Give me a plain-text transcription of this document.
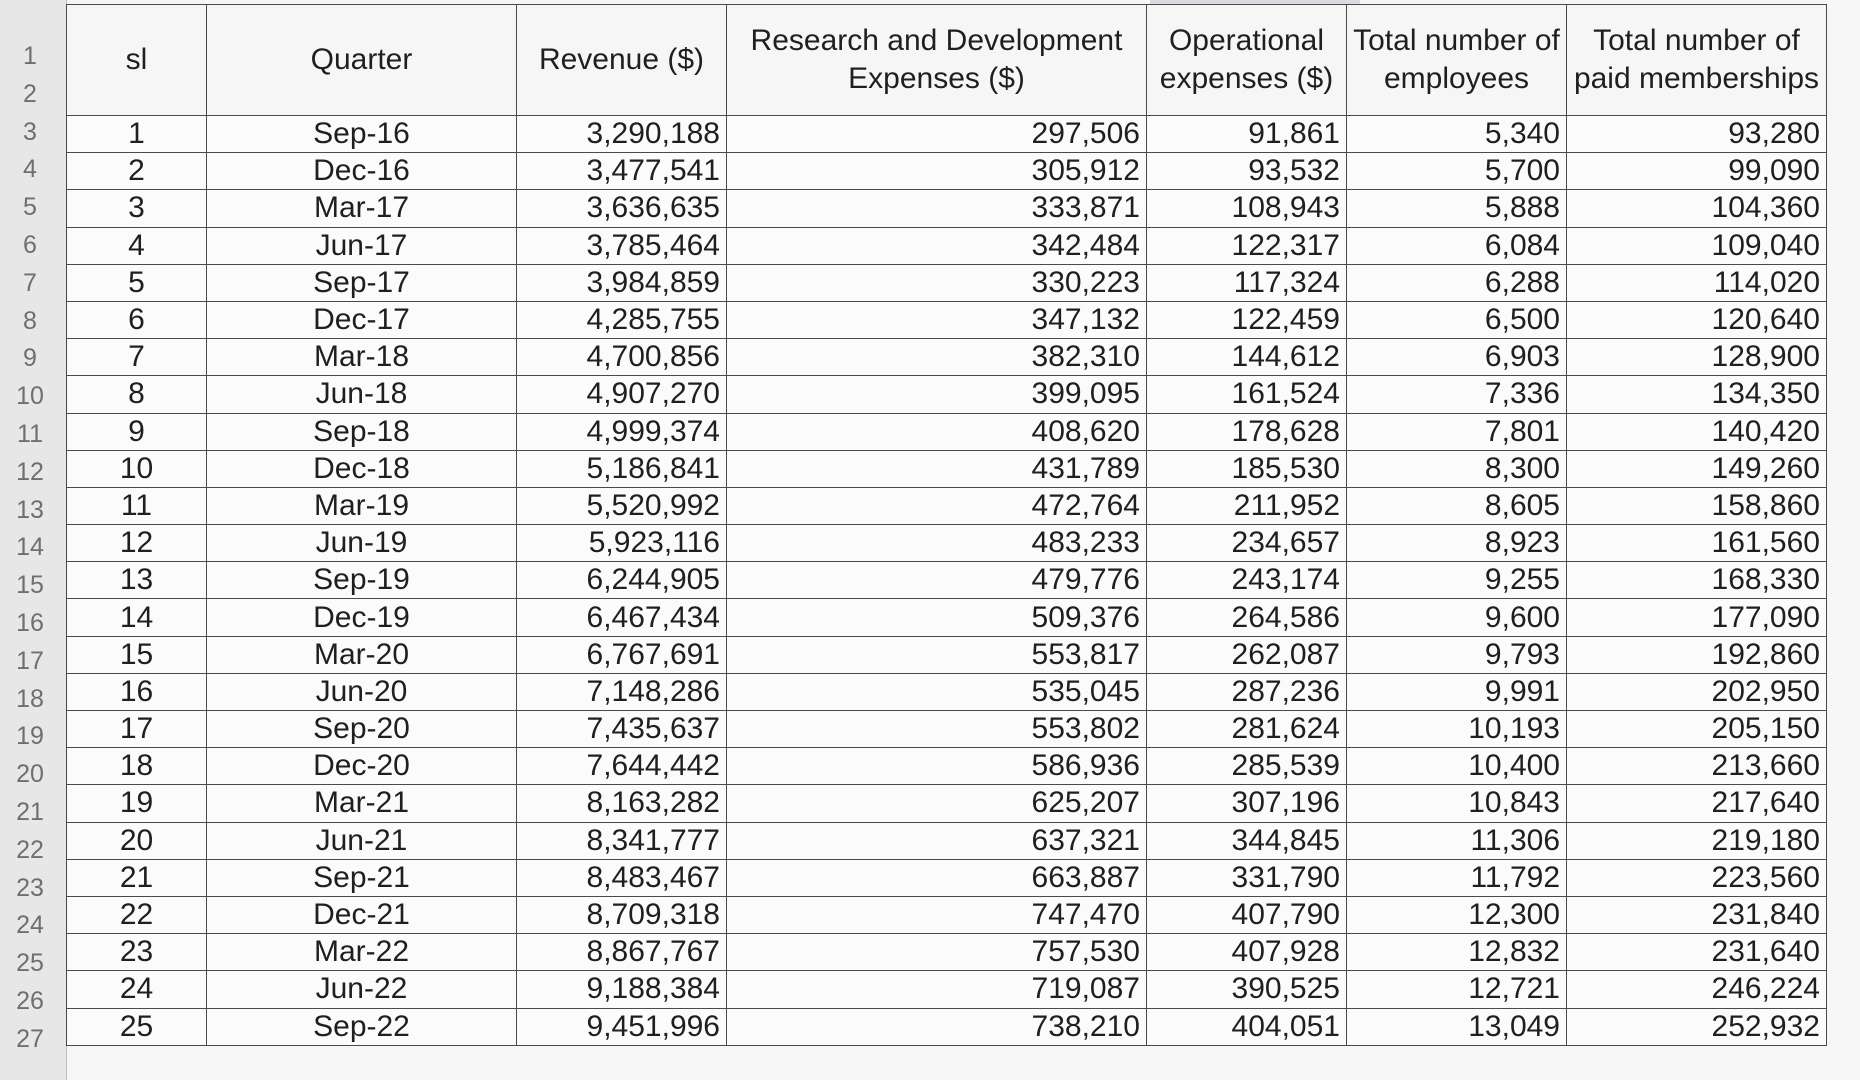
1
2
3
4
5
6
7
8
9
10
11
12
13
14
15
16
17
18
19
20
21
22
23
24
25
26
27
sl	Quarter	Revenue ($)	Research and Development Expenses ($)	Operational expenses ($)	Total number of employees	Total number of paid memberships
1	Sep-16	3,290,188	297,506	91,861	5,340	93,280
2	Dec-16	3,477,541	305,912	93,532	5,700	99,090
3	Mar-17	3,636,635	333,871	108,943	5,888	104,360
4	Jun-17	3,785,464	342,484	122,317	6,084	109,040
5	Sep-17	3,984,859	330,223	117,324	6,288	114,020
6	Dec-17	4,285,755	347,132	122,459	6,500	120,640
7	Mar-18	4,700,856	382,310	144,612	6,903	128,900
8	Jun-18	4,907,270	399,095	161,524	7,336	134,350
9	Sep-18	4,999,374	408,620	178,628	7,801	140,420
10	Dec-18	5,186,841	431,789	185,530	8,300	149,260
11	Mar-19	5,520,992	472,764	211,952	8,605	158,860
12	Jun-19	5,923,116	483,233	234,657	8,923	161,560
13	Sep-19	6,244,905	479,776	243,174	9,255	168,330
14	Dec-19	6,467,434	509,376	264,586	9,600	177,090
15	Mar-20	6,767,691	553,817	262,087	9,793	192,860
16	Jun-20	7,148,286	535,045	287,236	9,991	202,950
17	Sep-20	7,435,637	553,802	281,624	10,193	205,150
18	Dec-20	7,644,442	586,936	285,539	10,400	213,660
19	Mar-21	8,163,282	625,207	307,196	10,843	217,640
20	Jun-21	8,341,777	637,321	344,845	11,306	219,180
21	Sep-21	8,483,467	663,887	331,790	11,792	223,560
22	Dec-21	8,709,318	747,470	407,790	12,300	231,840
23	Mar-22	8,867,767	757,530	407,928	12,832	231,640
24	Jun-22	9,188,384	719,087	390,525	12,721	246,224
25	Sep-22	9,451,996	738,210	404,051	13,049	252,932
